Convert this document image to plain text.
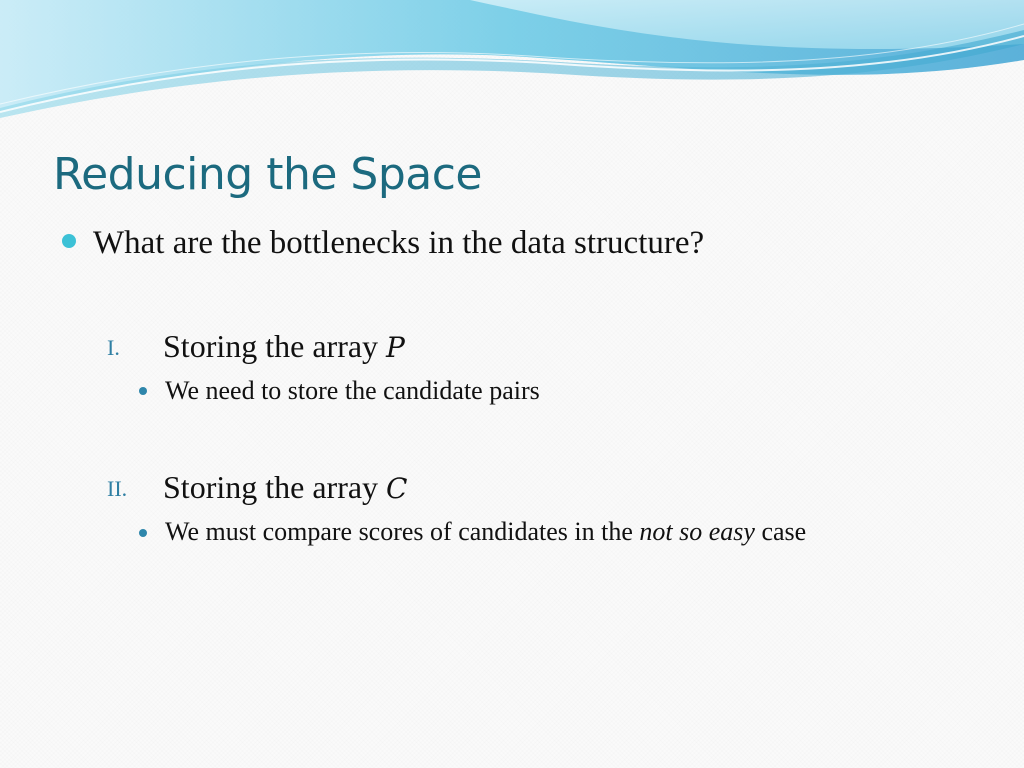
Reducing the Space
What are the bottlenecks in the data structure?
I. Storing the array P
We need to store the candidate pairs
II. Storing the array C
We must compare scores of candidates in the not so easy case
